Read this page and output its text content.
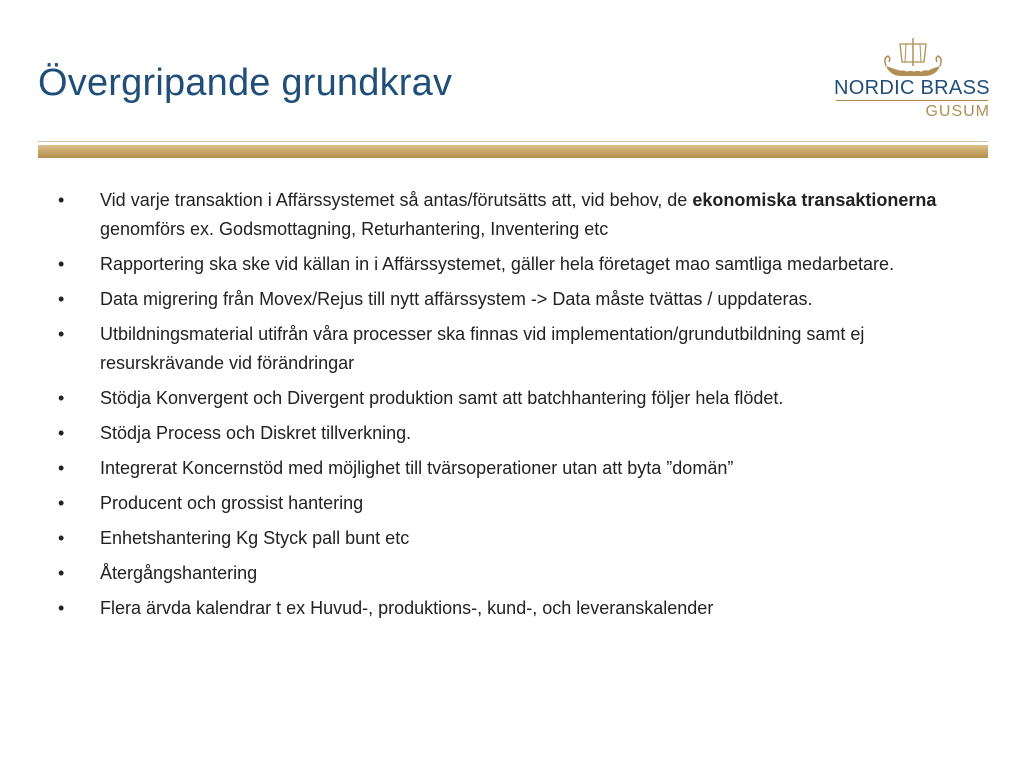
Övergripande grundkrav	NORDIC BRASS
GUSUM
• Vid varje transaktion i Affärssystemet så antas/förutsätts att, vid behov, de ekonomiska transaktionerna genomförs ex. Godsmottagning, Returhantering, Inventering etc
• Rapportering ska ske vid källan in i Affärssystemet, gäller hela företaget mao samtliga medarbetare.
• Data migrering från Movex/Rejus till nytt affärssystem -> Data måste tvättas / uppdateras.
• Utbildningsmaterial utifrån våra processer ska finnas vid implementation/grundutbildning samt ej resurskrävande vid förändringar
• Stödja Konvergent och Divergent produktion samt att batchhantering följer hela flödet.
• Stödja Process och Diskret tillverkning.
• Integrerat Koncernstöd med möjlighet till tvärsoperationer utan att byta ”domän”
• Producent och grossist hantering
• Enhetshantering Kg Styck pall bunt etc
• Återgångshantering
• Flera ärvda kalendrar t ex Huvud-, produktions-, kund-, och leveranskalender
